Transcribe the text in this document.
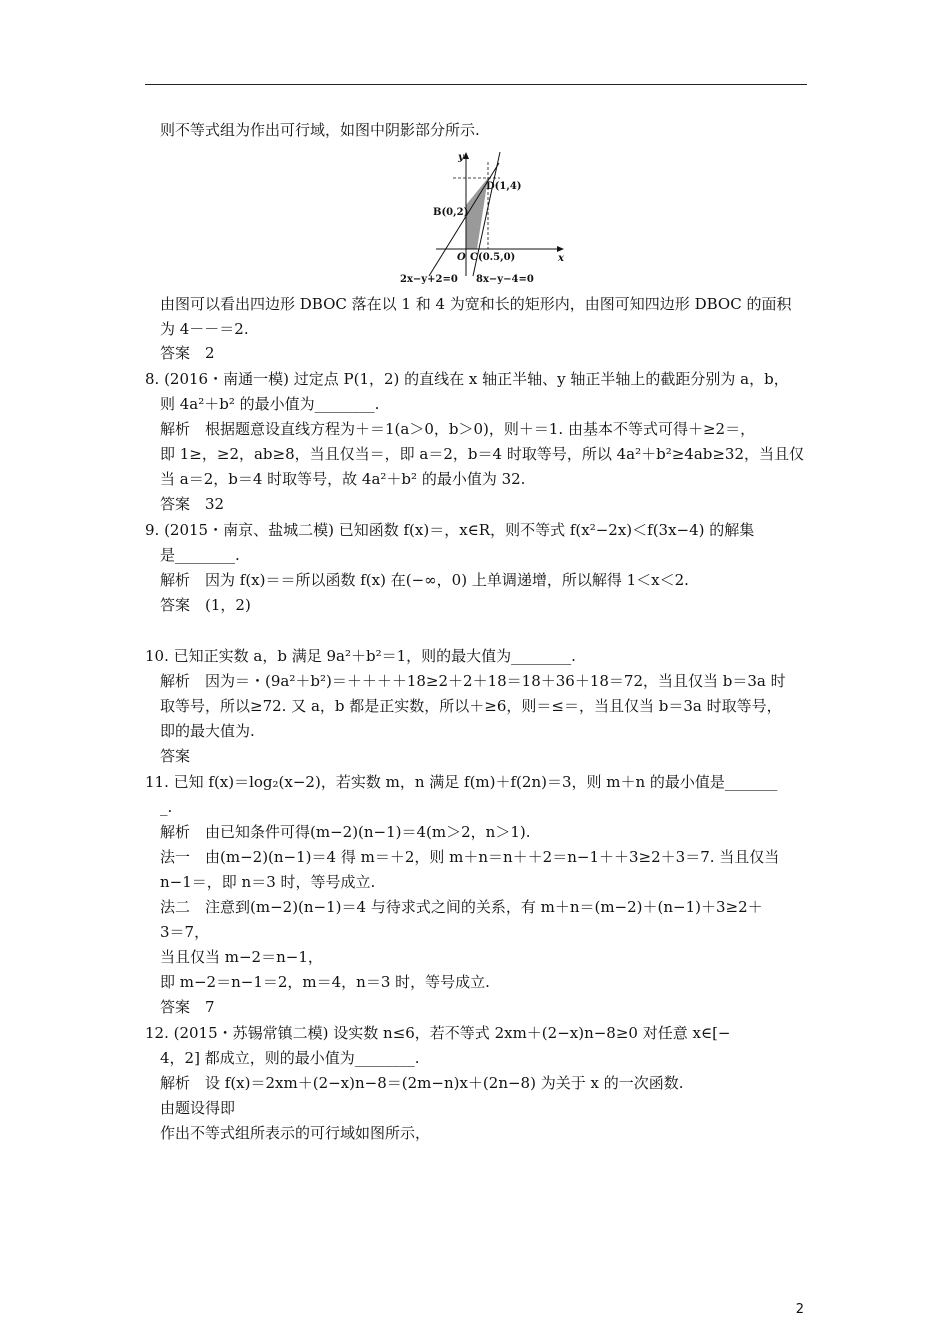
则不等式组为作出可行域，如图中阴影部分所示.
y
x
O
B(0,2)
D(1,4)
C(0.5,0)
2x−y+2=0 8x−y−4=0
由图可以看出四边形 DBOC 落在以 1 和 4 为宽和长的矩形内，由图可知四边形 DBOC 的面积
为 4－－＝2.
答案　2
8. (2016・南通一模) 过定点 P(1，2) 的直线在 x 轴正半轴、y 轴正半轴上的截距分别为 a，b，
则 4a²＋b² 的最小值为________.
解析　根据题意设直线方程为＋＝1(a＞0，b＞0)，则＋＝1. 由基本不等式可得＋≥2＝，
即 1≥，≥2，ab≥8，当且仅当＝，即 a＝2，b＝4 时取等号，所以 4a²＋b²≥4ab≥32，当且仅
当 a＝2，b＝4 时取等号，故 4a²＋b² 的最小值为 32.
答案　32
9. (2015・南京、盐城二模) 已知函数 f(x)＝，x∈R，则不等式 f(x²−2x)＜f(3x−4) 的解集
是________.
解析　因为 f(x)＝＝所以函数 f(x) 在(−∞，0) 上单调递增，所以解得 1＜x＜2.
答案　(1，2)
10. 已知正实数 a，b 满足 9a²＋b²＝1，则的最大值为________.
解析　因为＝・(9a²＋b²)＝＋＋＋＋18≥2＋2＋18＝18＋36＋18＝72，当且仅当 b＝3a 时
取等号，所以≥72. 又 a，b 都是正实数，所以＋≥6，则＝≤＝，当且仅当 b＝3a 时取等号，
即的最大值为.
答案
11. 已知 f(x)＝log₂(x−2)，若实数 m，n 满足 f(m)＋f(2n)＝3，则 m＋n 的最小值是_______
_.
解析　由已知条件可得(m−2)(n−1)＝4(m＞2，n＞1).
法一　由(m−2)(n−1)＝4 得 m＝＋2，则 m＋n＝n＋＋2＝n−1＋＋3≥2＋3＝7. 当且仅当
n−1＝，即 n＝3 时，等号成立.
法二　注意到(m−2)(n−1)＝4 与待求式之间的关系，有 m＋n＝(m−2)＋(n−1)＋3≥2＋
3＝7，
当且仅当 m−2＝n−1，
即 m−2＝n−1＝2，m＝4，n＝3 时，等号成立.
答案　7
12. (2015・苏锡常镇二模) 设实数 n≤6，若不等式 2xm＋(2−x)n−8≥0 对任意 x∈[−
4，2] 都成立，则的最小值为________.
解析　设 f(x)＝2xm＋(2−x)n−8＝(2m−n)x＋(2n−8) 为关于 x 的一次函数.
由题设得即
作出不等式组所表示的可行域如图所示，
2
